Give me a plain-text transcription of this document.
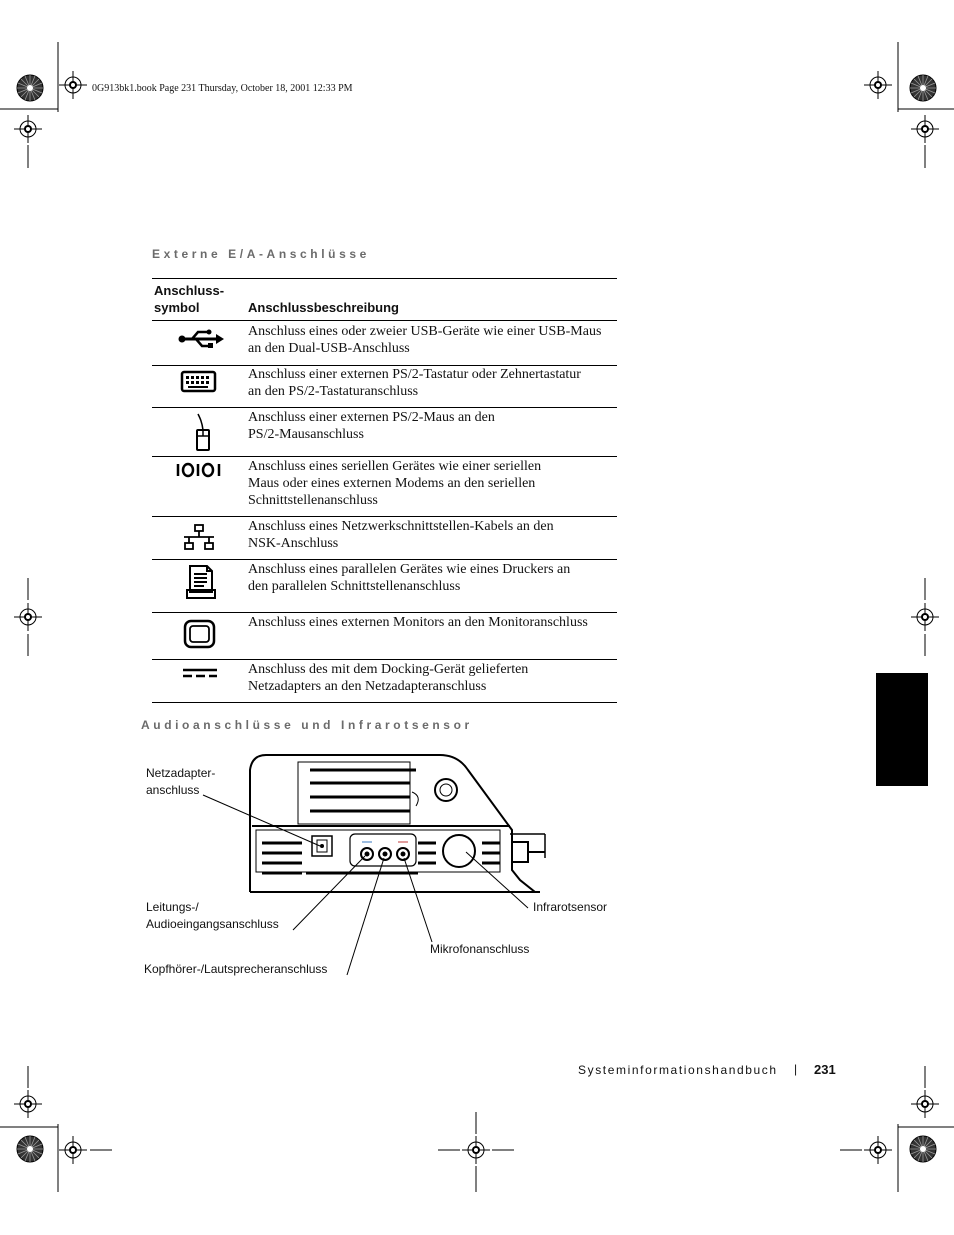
0G913bk1.book Page 231 Thursday, October 18, 2001 12:33 PM
Externe E/A-Anschlüsse
Anschluss-
symbol	Anschlussbeschreibung
Anschluss eines oder zweier USB-Geräte wie einer USB-Maus
an den Dual-USB-Anschluss
Anschluss einer externen PS/2-Tastatur oder Zehnertastatur
an den PS/2-Tastaturanschluss
Anschluss einer externen PS/2-Maus an den
PS/2-Mausanschluss
Anschluss eines seriellen Gerätes wie einer seriellen
Maus oder eines externen Modems an den seriellen
Schnittstellenanschluss
Anschluss eines Netzwerkschnittstellen-Kabels an den
NSK-Anschluss
Anschluss eines parallelen Gerätes wie eines Druckers an
den parallelen Schnittstellenanschluss
Anschluss eines externen Monitors an den Monitoranschluss
Anschluss des mit dem Docking-Gerät gelieferten
Netzadapters an den Netzadapteranschluss
Audioanschlüsse und Infrarotsensor
Netzadapter-
anschluss
Leitungs-/
Audioeingangsanschluss
Kopfhörer-/Lautsprecheranschluss
Mikrofonanschluss
Infrarotsensor
Systeminformationshandbuch | 231
